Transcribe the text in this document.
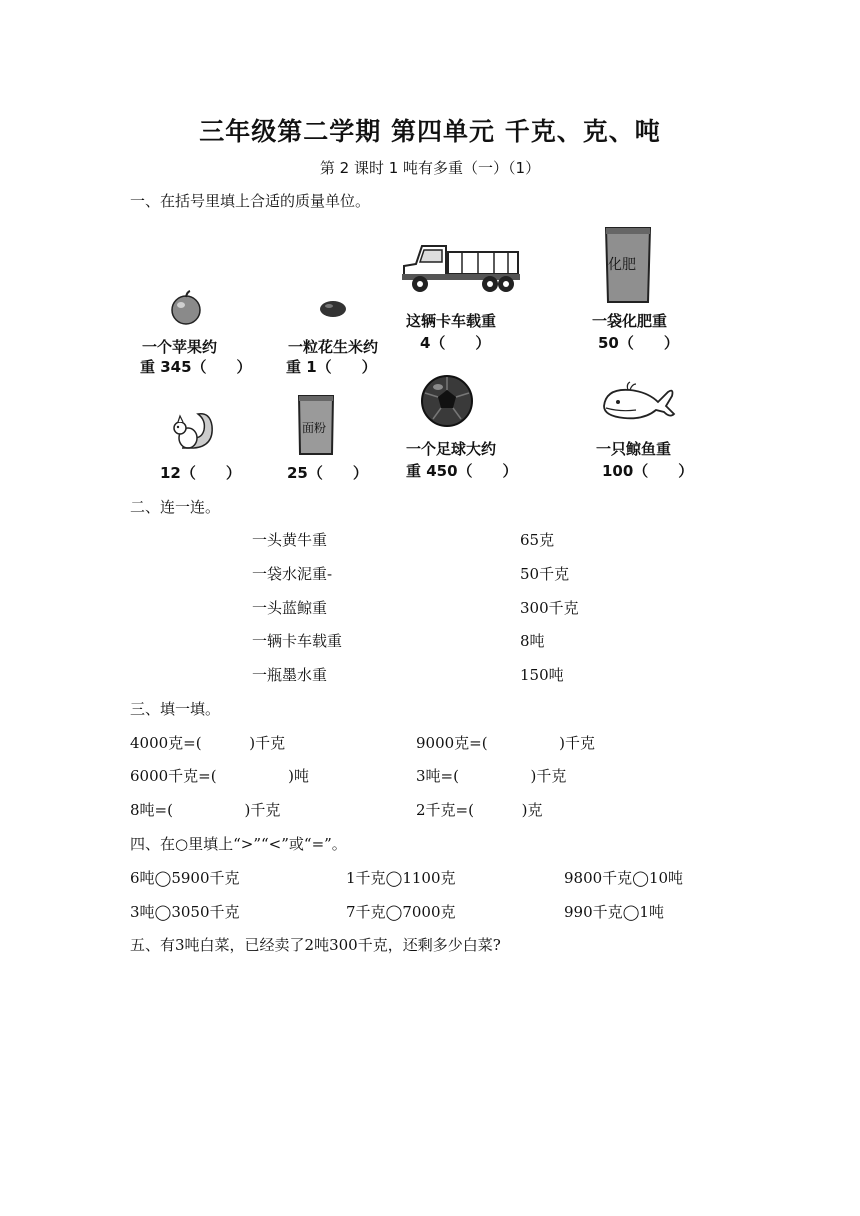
三年级第二学期 第四单元 千克、克、吨
第 2 课时 1 吨有多重（一）（1）
一、在括号里填上合适的质量单位。
一个苹果约
重 345（　　）
一粒花生米约
重 1（　　）
这辆卡车载重
4（　　）
化肥
一袋化肥重
50（　　）
12（　　）
面粉
25（　　）
一个足球大约
重 450（　　）
一只鲸鱼重
100（　　）
二、连一连。
一头黄牛重
一袋水泥重-
一头蓝鲸重
一辆卡车载重
一瓶墨水重
65克
50千克
300千克
8吨
150吨
三、填一填。
4000克=(          )千克	9000克=(               )千克
6000千克=(               )吨	3吨=(               )千克
8吨=(               )千克	2千克=(          )克
四、在○里填上“>”“<”或“=”。
6吨◯5900千克	1千克◯1100克	9800千克◯10吨
3吨◯3050千克	7千克◯7000克	990千克◯1吨
五、有3吨白菜，已经卖了2吨300千克，还剩多少白菜?
